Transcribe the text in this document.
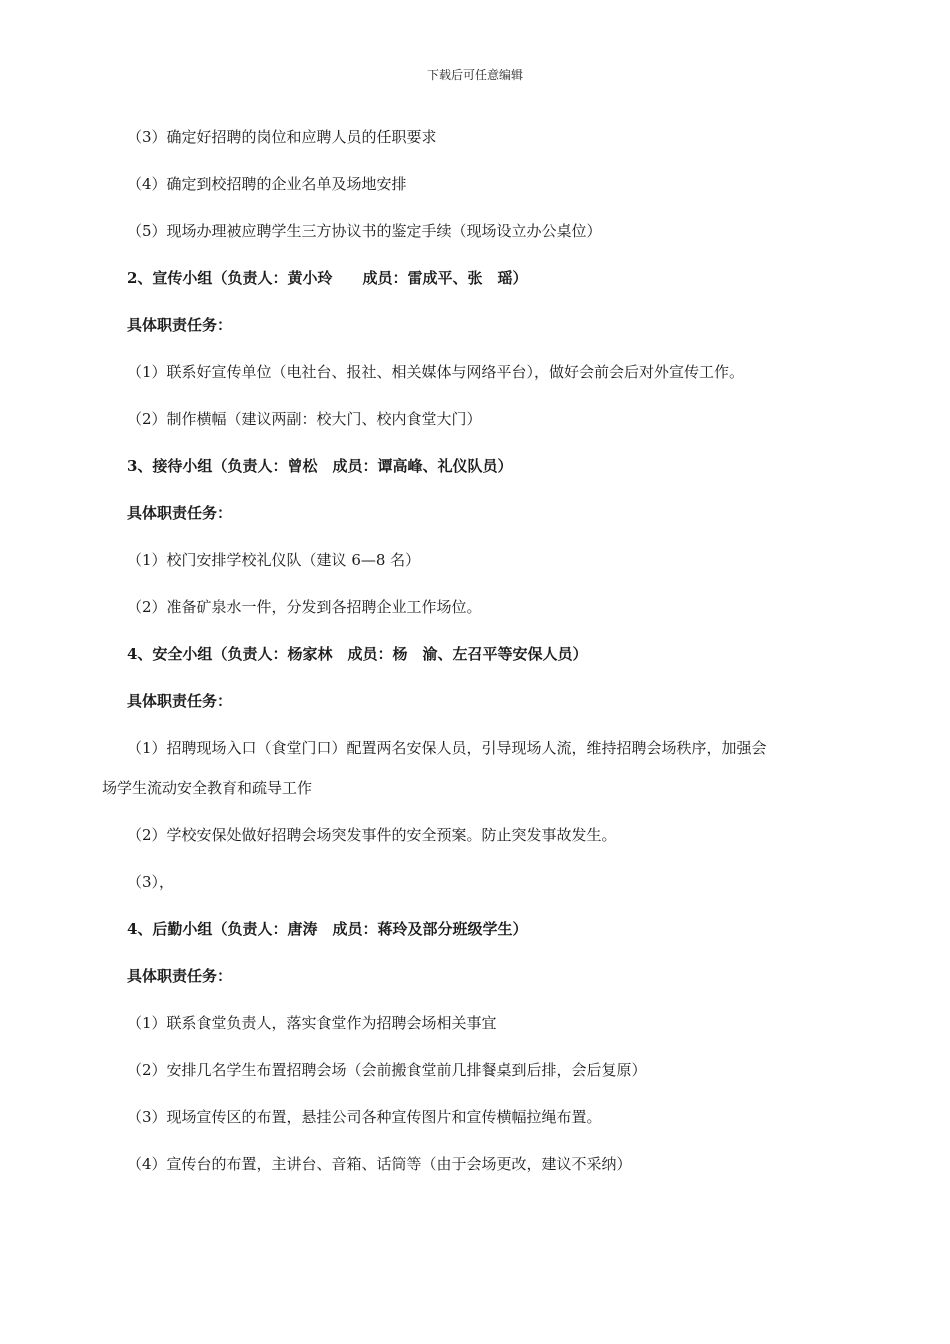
下载后可任意编辑
（3）确定好招聘的岗位和应聘人员的任职要求
（4）确定到校招聘的企业名单及场地安排
（5）现场办理被应聘学生三方协议书的鉴定手续（现场设立办公桌位）
2、宣传小组（负责人：黄小玲　　成员：雷成平、张　瑶）
具体职责任务：
（1）联系好宣传单位（电社台、报社、相关媒体与网络平台），做好会前会后对外宣传工作。
（2）制作横幅（建议两副：校大门、校内食堂大门）
3、接待小组（负责人：曾松　成员：谭高峰、礼仪队员）
具体职责任务：
（1）校门安排学校礼仪队（建议 6—8 名）
（2）准备矿泉水一件，分发到各招聘企业工作场位。
4、安全小组（负责人：杨家林　成员：杨　渝、左召平等安保人员）
具体职责任务：
（1）招聘现场入口（食堂门口）配置两名安保人员，引导现场人流，维持招聘会场秩序，加强会
场学生流动安全教育和疏导工作
（2）学校安保处做好招聘会场突发事件的安全预案。防止突发事故发生。
（3），
4、后勤小组（负责人：唐涛　成员：蒋玲及部分班级学生）
具体职责任务：
（1）联系食堂负责人，落实食堂作为招聘会场相关事宜
（2）安排几名学生布置招聘会场（会前搬食堂前几排餐桌到后排，会后复原）
（3）现场宣传区的布置，悬挂公司各种宣传图片和宣传横幅拉绳布置。
（4）宣传台的布置，主讲台、音箱、话筒等（由于会场更改，建议不采纳）
